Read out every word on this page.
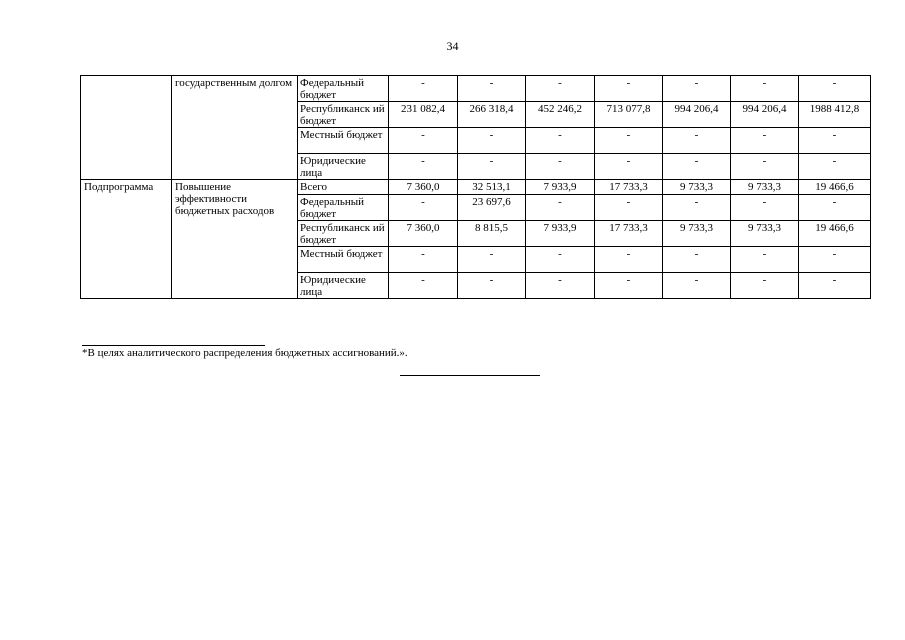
34
	государственным долгом	Федеральный бюджет	-	-	-	-	-	-	-
		Республиканск ий бюджет	231 082,4	266 318,4	452 246,2	713 077,8	994 206,4	994 206,4	1988 412,8
		Местный бюджет	-	-	-	-	-	-	-
		Юридические лица	-	-	-	-	-	-	-
Подпрограмма	Повышение эффективности бюджетных расходов	Всего	7 360,0	32 513,1	7 933,9	17 733,3	9 733,3	9 733,3	19 466,6
		Федеральный бюджет	-	23 697,6	-	-	-	-	-
		Республиканск ий бюджет	7 360,0	8 815,5	7 933,9	17 733,3	9 733,3	9 733,3	19 466,6
		Местный бюджет	-	-	-	-	-	-	-
		Юридические лица	-	-	-	-	-	-	-
*В целях аналитического распределения бюджетных ассигнований.».
